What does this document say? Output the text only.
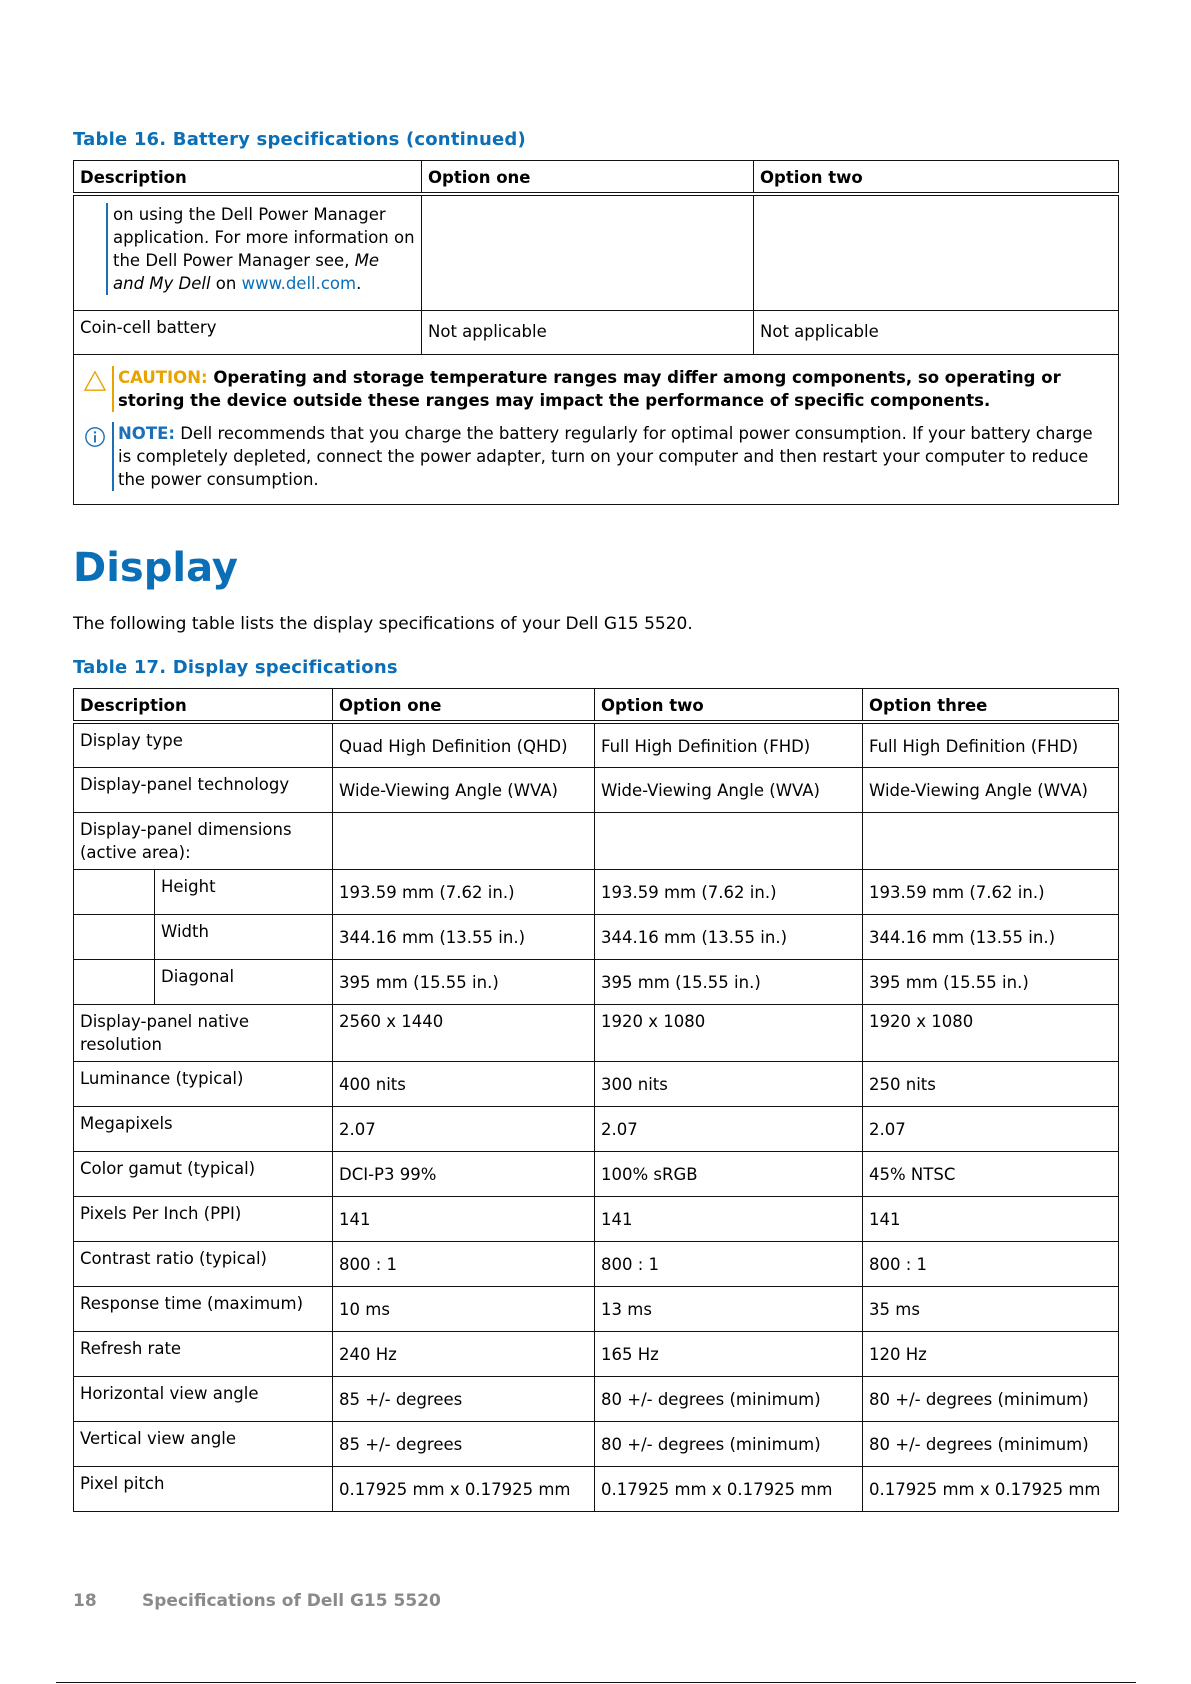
Table 16. Battery specifications (continued)
Description	Option one	Option two

on using the Dell Power Manager application. For more information on the Dell Power Manager see, Me and My Dell on www.dell.com.		

Coin-cell battery	Not applicable	Not applicable

CAUTION: Operating and storage temperature ranges may differ among components, so operating or storing the device outside these ranges may impact the performance of specific components.
NOTE: Dell recommends that you charge the battery regularly for optimal power consumption. If your battery charge is completely depleted, connect the power adapter, turn on your computer and then restart your computer to reduce the power consumption.		
Display
The following table lists the display specifications of your Dell G15 5520.
Table 17. Display specifications
Description		Option one	Option two	Option three
Display type		Quad High Definition (QHD)	Full High Definition (FHD)	Full High Definition (FHD)
Display-panel technology		Wide-Viewing Angle (WVA)	Wide-Viewing Angle (WVA)	Wide-Viewing Angle (WVA)
Display-panel dimensions (active area):				
	Height	193.59 mm (7.62 in.)	193.59 mm (7.62 in.)	193.59 mm (7.62 in.)
	Width	344.16 mm (13.55 in.)	344.16 mm (13.55 in.)	344.16 mm (13.55 in.)
	Diagonal	395 mm (15.55 in.)	395 mm (15.55 in.)	395 mm (15.55 in.)
Display-panel native resolution		2560 x 1440	1920 x 1080	1920 x 1080
Luminance (typical)		400 nits	300 nits	250 nits
Megapixels		2.07	2.07	2.07
Color gamut (typical)		DCI-P3 99%	100% sRGB	45% NTSC
Pixels Per Inch (PPI)		141	141	141
Contrast ratio (typical)		800 : 1	800 : 1	800 : 1
Response time (maximum)		10 ms	13 ms	35 ms
Refresh rate		240 Hz	165 Hz	120 Hz
Horizontal view angle		85 +/- degrees	80 +/- degrees (minimum)	80 +/- degrees (minimum)
Vertical view angle		85 +/- degrees	80 +/- degrees (minimum)	80 +/- degrees (minimum)
Pixel pitch		0.17925 mm x 0.17925 mm	0.17925 mm x 0.17925 mm	0.17925 mm x 0.17925 mm
18	Specifications of Dell G15 5520
